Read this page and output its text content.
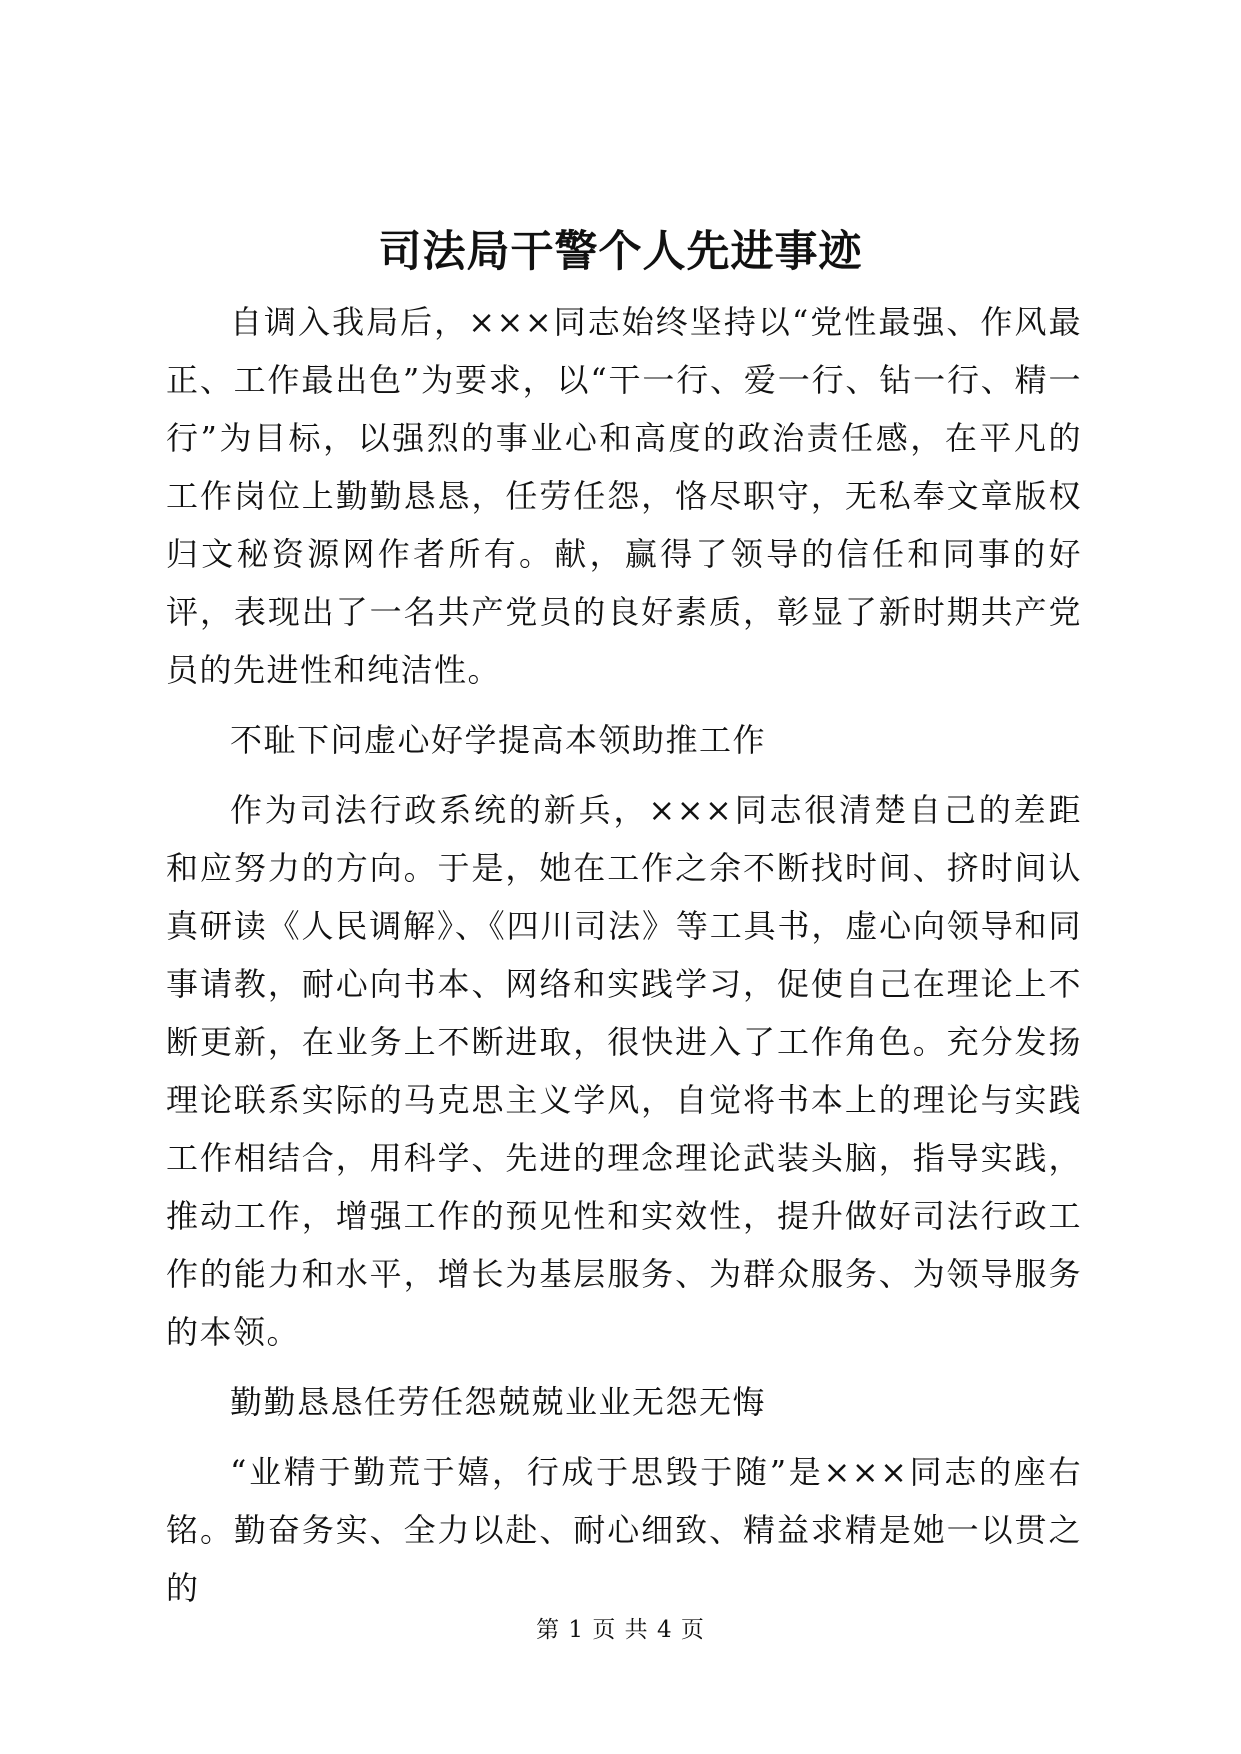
司法局干警个人先进事迹

自调入我局后，×××同志始终坚持以“党性最强、作风最正、工作最出色”为要求，以“干一行、爱一行、钻一行、精一行”为目标，以强烈的事业心和高度的政治责任感，在平凡的工作岗位上勤勤恳恳，任劳任怨，恪尽职守，无私奉文章版权归文秘资源网作者所有。献，赢得了领导的信任和同事的好评，表现出了一名共产党员的良好素质，彰显了新时期共产党员的先进性和纯洁性。

不耻下问虚心好学提高本领助推工作

作为司法行政系统的新兵，×××同志很清楚自己的差距和应努力的方向。于是，她在工作之余不断找时间、挤时间认真研读《人民调解》、《四川司法》等工具书，虚心向领导和同事请教，耐心向书本、网络和实践学习，促使自己在理论上不断更新，在业务上不断进取，很快进入了工作角色。充分发扬理论联系实际的马克思主义学风，自觉将书本上的理论与实践工作相结合，用科学、先进的理念理论武装头脑，指导实践，推动工作，增强工作的预见性和实效性，提升做好司法行政工作的能力和水平，增长为基层服务、为群众服务、为领导服务的本领。

勤勤恳恳任劳任怨兢兢业业无怨无悔

“业精于勤荒于嬉，行成于思毁于随”是×××同志的座右铭。勤奋务实、全力以赴、耐心细致、精益求精是她一以贯之的

第 1 页 共 4 页
